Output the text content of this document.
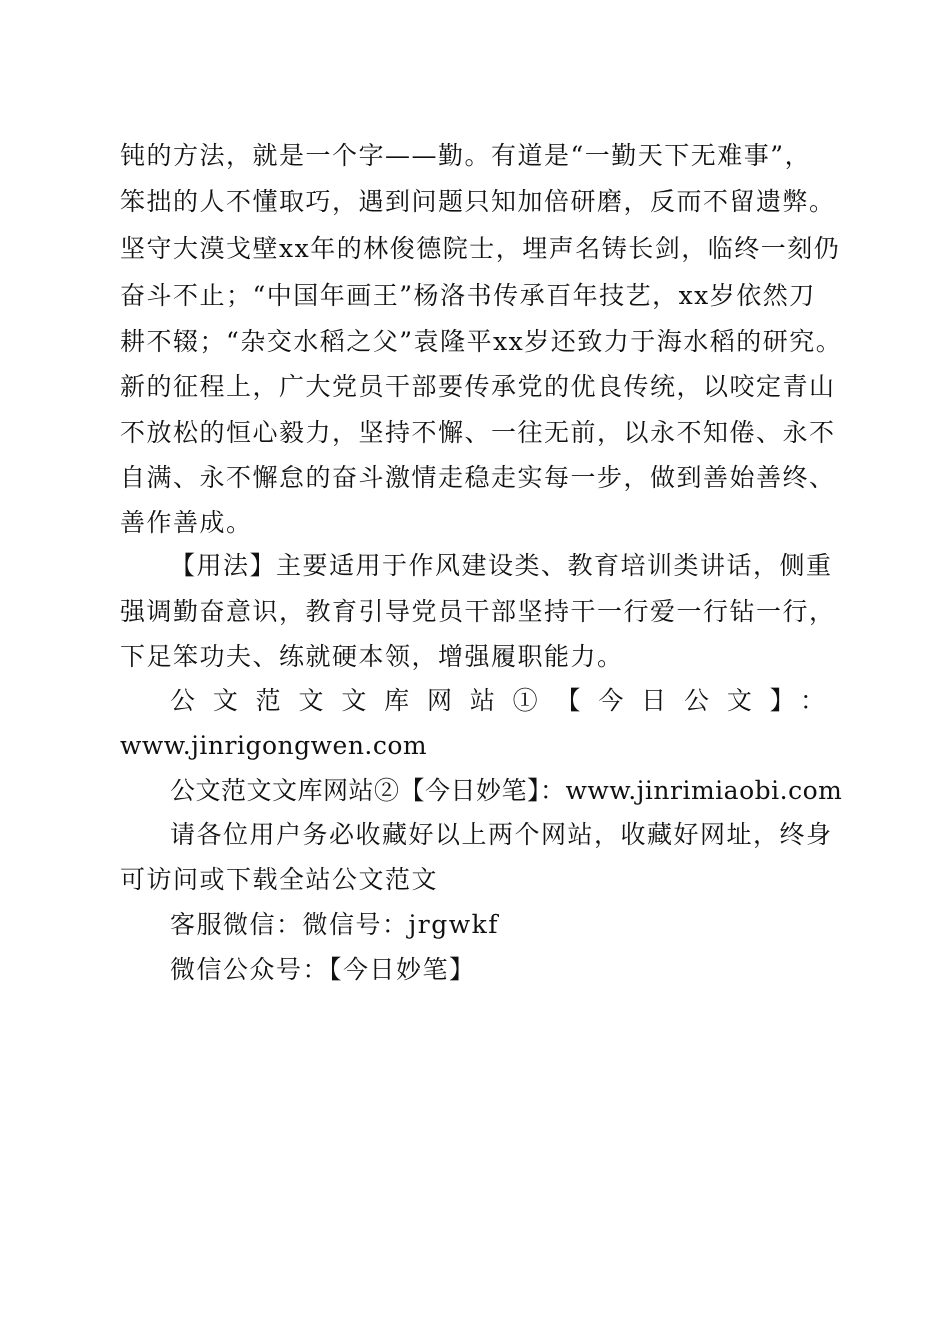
钝的方法，就是一个字——勤。有道是“一勤天下无难事”，
笨拙的人不懂取巧，遇到问题只知加倍研磨，反而不留遗弊。
坚守大漠戈壁xx年的林俊德院士，埋声名铸长剑，临终一刻仍
奋斗不止；“中国年画王”杨洛书传承百年技艺，xx岁依然刀
耕不辍；“杂交水稻之父”袁隆平xx岁还致力于海水稻的研究。
新的征程上，广大党员干部要传承党的优良传统，以咬定青山
不放松的恒心毅力，坚持不懈、一往无前，以永不知倦、永不
自满、永不懈怠的奋斗激情走稳走实每一步，做到善始善终、
善作善成。
【用法】主要适用于作风建设类、教育培训类讲话，侧重
强调勤奋意识，教育引导党员干部坚持干一行爱一行钻一行，
下足笨功夫、练就硬本领，增强履职能力。
公文范文文库网站①【今日公文】：
www.jinrigongwen.com
公文范文文库网站②【今日妙笔】：www.jinrimiaobi.com
请各位用户务必收藏好以上两个网站，收藏好网址，终身
可访问或下载全站公文范文
客服微信：微信号：jrgwkf
微信公众号：【今日妙笔】
